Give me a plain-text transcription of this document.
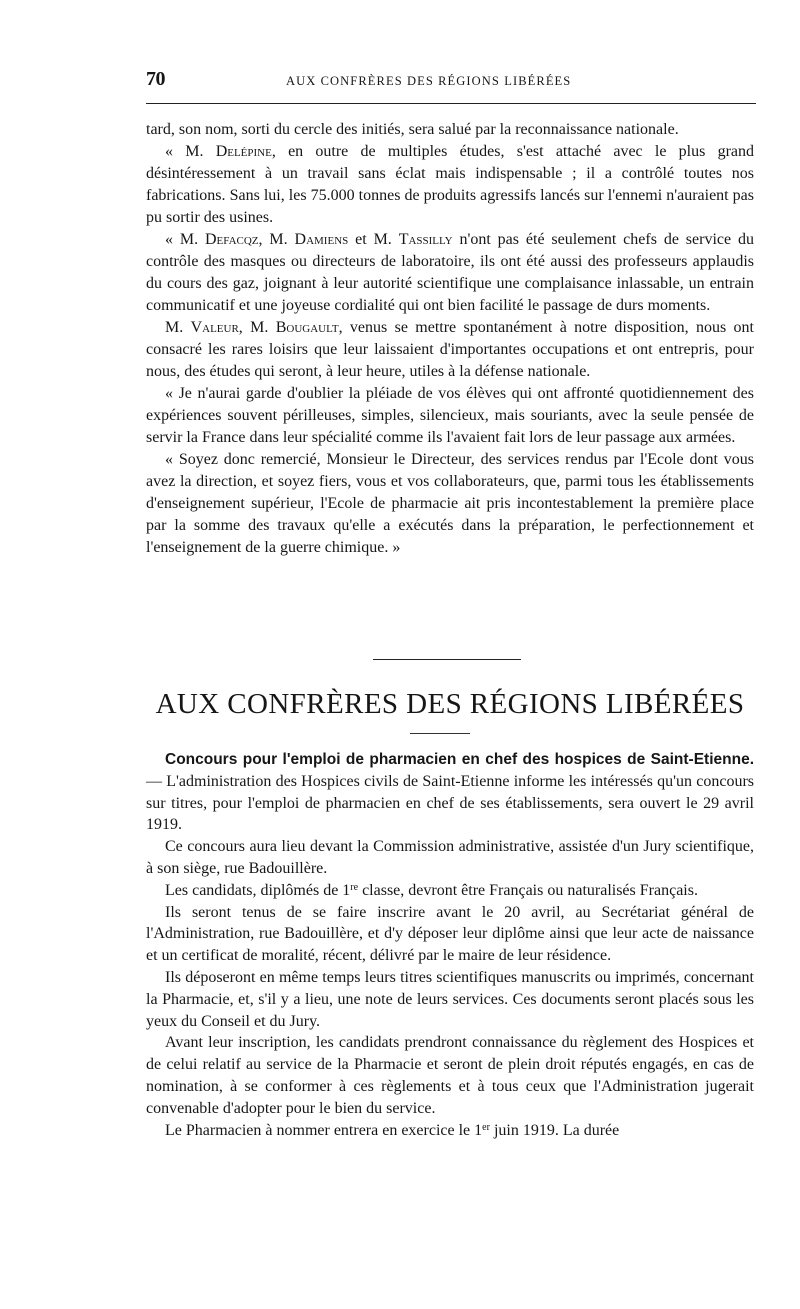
70	AUX CONFRÈRES DES RÉGIONS LIBÉRÉES

tard, son nom, sorti du cercle des initiés, sera salué par la reconnaissance nationale.

« M. Delépine, en outre de multiples études, s'est attaché avec le plus grand désintéressement à un travail sans éclat mais indispensable ; il a contrôlé toutes nos fabrications. Sans lui, les 75.000 tonnes de produits agressifs lancés sur l'ennemi n'auraient pas pu sortir des usines.

« M. Defacqz, M. Damiens et M. Tassilly n'ont pas été seulement chefs de service du contrôle des masques ou directeurs de laboratoire, ils ont été aussi des professeurs applaudis du cours des gaz, joignant à leur autorité scientifique une complaisance inlassable, un entrain communicatif et une joyeuse cordialité qui ont bien facilité le passage de durs moments.

M. Valeur, M. Bougault, venus se mettre spontanément à notre disposition, nous ont consacré les rares loisirs que leur laissaient d'importantes occupations et ont entrepris, pour nous, des études qui seront, à leur heure, utiles à la défense nationale.

« Je n'aurai garde d'oublier la pléiade de vos élèves qui ont affronté quotidiennement des expériences souvent périlleuses, simples, silencieux, mais souriants, avec la seule pensée de servir la France dans leur spécialité comme ils l'avaient fait lors de leur passage aux armées.

« Soyez donc remercié, Monsieur le Directeur, des services rendus par l'Ecole dont vous avez la direction, et soyez fiers, vous et vos collaborateurs, que, parmi tous les établissements d'enseignement supérieur, l'Ecole de pharmacie ait pris incontestablement la première place par la somme des travaux qu'elle a exécutés dans la préparation, le perfectionnement et l'enseignement de la guerre chimique. »

AUX CONFRÈRES DES RÉGIONS LIBÉRÉES

Concours pour l'emploi de pharmacien en chef des hospices de Saint-Etienne. — L'administration des Hospices civils de Saint-Etienne informe les intéressés qu'un concours sur titres, pour l'emploi de pharmacien en chef de ses établissements, sera ouvert le 29 avril 1919.

Ce concours aura lieu devant la Commission administrative, assistée d'un Jury scientifique, à son siège, rue Badouillère.

Les candidats, diplômés de 1re classe, devront être Français ou naturalisés Français.

Ils seront tenus de se faire inscrire avant le 20 avril, au Secrétariat général de l'Administration, rue Badouillère, et d'y déposer leur diplôme ainsi que leur acte de naissance et un certificat de moralité, récent, délivré par le maire de leur résidence.

Ils déposeront en même temps leurs titres scientifiques manuscrits ou imprimés, concernant la Pharmacie, et, s'il y a lieu, une note de leurs services. Ces documents seront placés sous les yeux du Conseil et du Jury.

Avant leur inscription, les candidats prendront connaissance du règlement des Hospices et de celui relatif au service de la Pharmacie et seront de plein droit réputés engagés, en cas de nomination, à se conformer à ces règlements et à tous ceux que l'Administration jugerait convenable d'adopter pour le bien du service.

Le Pharmacien à nommer entrera en exercice le 1er juin 1919. La durée
